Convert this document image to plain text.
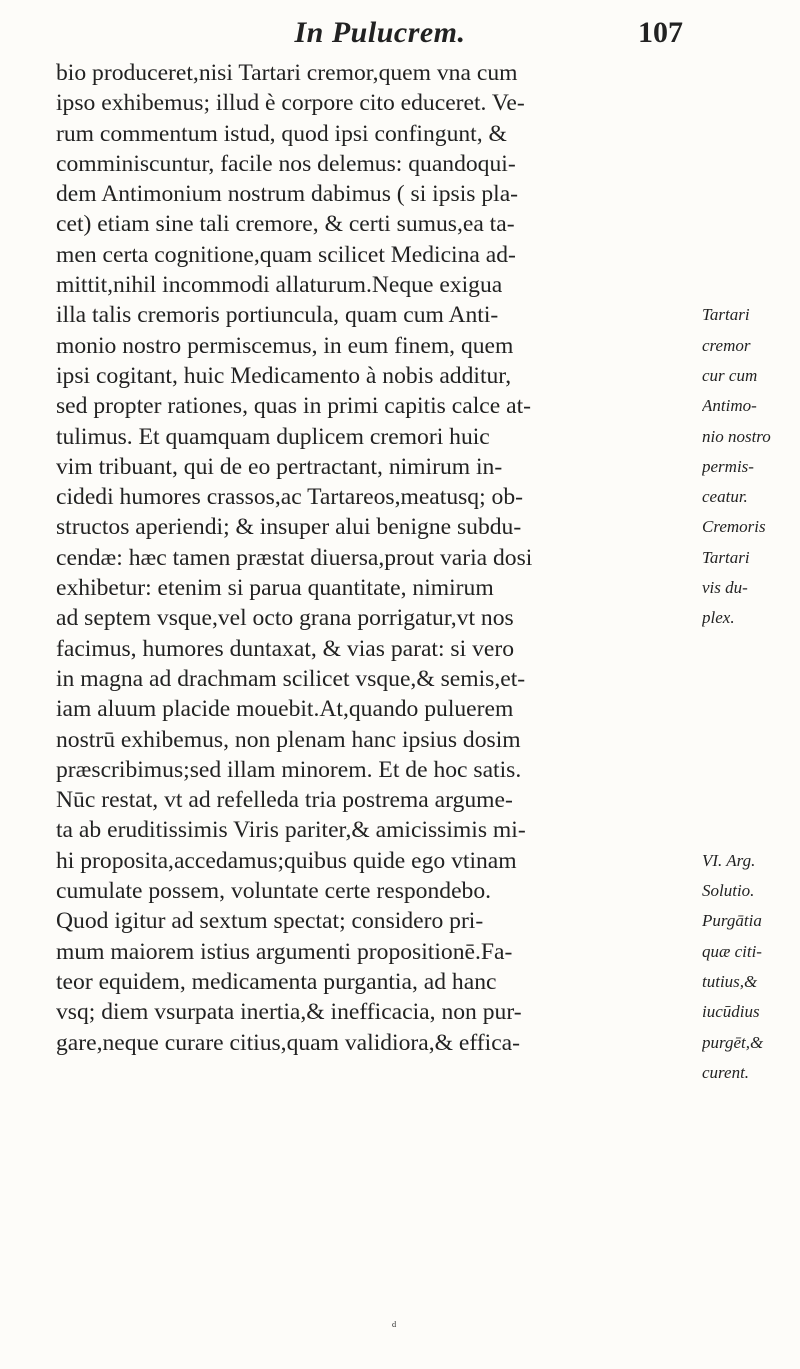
In Pulucrem.	107
bio produceret,nisi Tartari cremor,quem vna cum
ipso exhibemus; illud è corpore cito educeret. Ve-
rum commentum istud, quod ipsi confingunt, &
comminiscuntur, facile nos delemus: quandoqui-
dem Antimonium nostrum dabimus ( si ipsis pla-
cet) etiam sine tali cremore, & certi sumus,ea ta-
men certa cognitione,quam scilicet Medicina ad-
mittit,nihil incommodi allaturum.Neque exigua
illa talis cremoris portiuncula, quam cum Anti-
monio nostro permiscemus, in eum finem, quem
ipsi cogitant, huic Medicamento à nobis additur,
sed propter rationes, quas in primi capitis calce at-
tulimus. Et quamquam duplicem cremori huic
vim tribuant, qui de eo pertractant, nimirum in-
cidedi humores crassos,ac Tartareos,meatusq; ob-
structos aperiendi; & insuper alui benigne subdu-
cendæ: hæc tamen præstat diuersa,prout varia dosi
exhibetur: etenim si parua quantitate, nimirum
ad septem vsque,vel octo grana porrigatur,vt nos
facimus, humores duntaxat, & vias parat: si vero
in magna ad drachmam scilicet vsque,& semis,et-
iam aluum placide mouebit.At,quando puluerem
nostrū exhibemus, non plenam hanc ipsius dosim
præscribimus;sed illam minorem. Et de hoc satis.
Nūc restat, vt ad refelleda tria postrema argume-
ta ab eruditissimis Viris pariter,& amicissimis mi-
hi proposita,accedamus;quibus quide ego vtinam
cumulate possem, voluntate certe respondebo.
Quod igitur ad sextum spectat; considero pri-
mum maiorem istius argumenti propositionē.Fa-
teor equidem, medicamenta purgantia, ad hanc
vsq; diem vsurpata inertia,& inefficacia, non pur-
gare,neque curare citius,quam validiora,& effica-
Tartari
cremor
cur cum
Antimo-
nio nostro
permis-
ceatur.
Cremoris
Tartari
vis du-
plex.
VI. Arg.
Solutio.
Purgātia
quæ citi-
tutius,&
iucūdius
purgēt,&
curent.
ᵈ
